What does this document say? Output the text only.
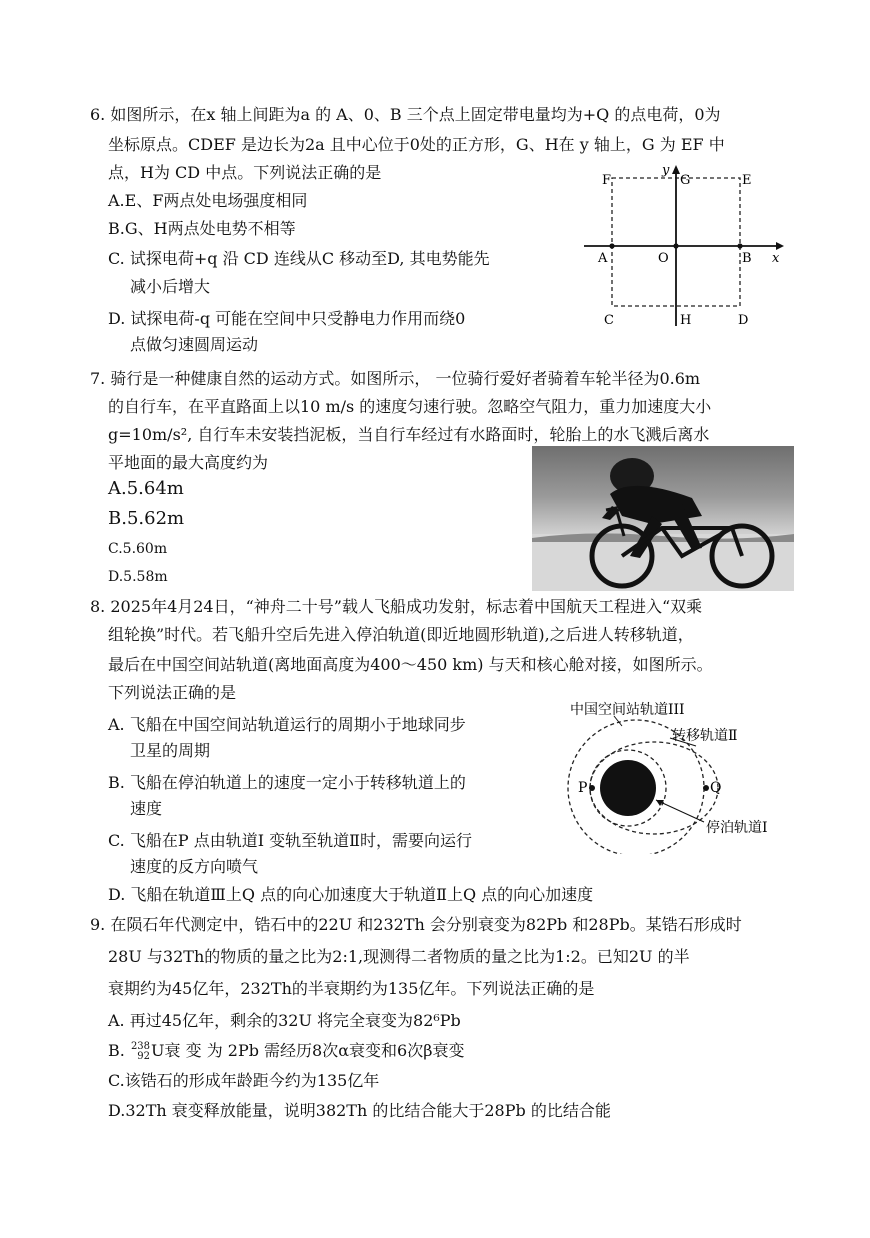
6. 如图所示，在x 轴上间距为a 的 A、0、B 三个点上固定带电量均为+Q 的点电荷，0为
坐标原点。CDEF 是边长为2a 且中心位于0处的正方形，G、H在 y 轴上，G 为 EF 中
点，H为 CD 中点。下列说法正确的是
A.E、F两点处电场强度相同
B.G、H两点处电势不相等
C. 试探电荷+q 沿 CD 连线从C 移动至D, 其电势能先
减小后增大
D. 试探电荷-q 可能在空间中只受静电力作用而绕0
点做匀速圆周运动
F
y
G	E
A	O	B x
C	H	D
7. 骑行是一种健康自然的运动方式。如图所示， 一位骑行爱好者骑着车轮半径为0.6m
的自行车，在平直路面上以10 m/s 的速度匀速行驶。忽略空气阻力，重力加速度大小
g=10m/s², 自行车未安装挡泥板，当自行车经过有水路面时，轮胎上的水飞溅后离水
平地面的最大高度约为
A.5.64m
B.5.62m
C.5.60m
D.5.58m
8. 2025年4月24日，“神舟二十号”载人飞船成功发射，标志着中国航天工程进入“双乘
组轮换”时代。若飞船升空后先进入停泊轨道(即近地圆形轨道),之后进人转移轨道，
最后在中国空间站轨道(离地面高度为400～450 km) 与天和核心舱对接，如图所示。
下列说法正确的是
A. 飞船在中国空间站轨道运行的周期小于地球同步
卫星的周期
B. 飞船在停泊轨道上的速度一定小于转移轨道上的
速度
C. 飞船在P 点由轨道I 变轨至轨道Ⅱ时，需要向运行
速度的反方向喷气
D. 飞船在轨道Ⅲ上Q 点的向心加速度大于轨道Ⅱ上Q 点的向心加速度
中国空间站轨道III
转移轨道Ⅱ
停泊轨道I
P	Q
9. 在陨石年代测定中，锆石中的22U 和232Th 会分别衰变为82Pb 和28Pb。某锆石形成时
28U 与32Th的物质的量之比为2:1,现测得二者物质的量之比为1:2。已知2U 的半
衰期约为45亿年，232Th的半衰期约为135亿年。下列说法正确的是
A. 再过45亿年，剩余的32U 将完全衰变为82⁶Pb
B. 238
92 U衰 变 为 2Pb 需经历8次α衰变和6次β衰变
C.该锆石的形成年龄距今约为135亿年
D.32Th 衰变释放能量，说明382Th 的比结合能大于28Pb 的比结合能
